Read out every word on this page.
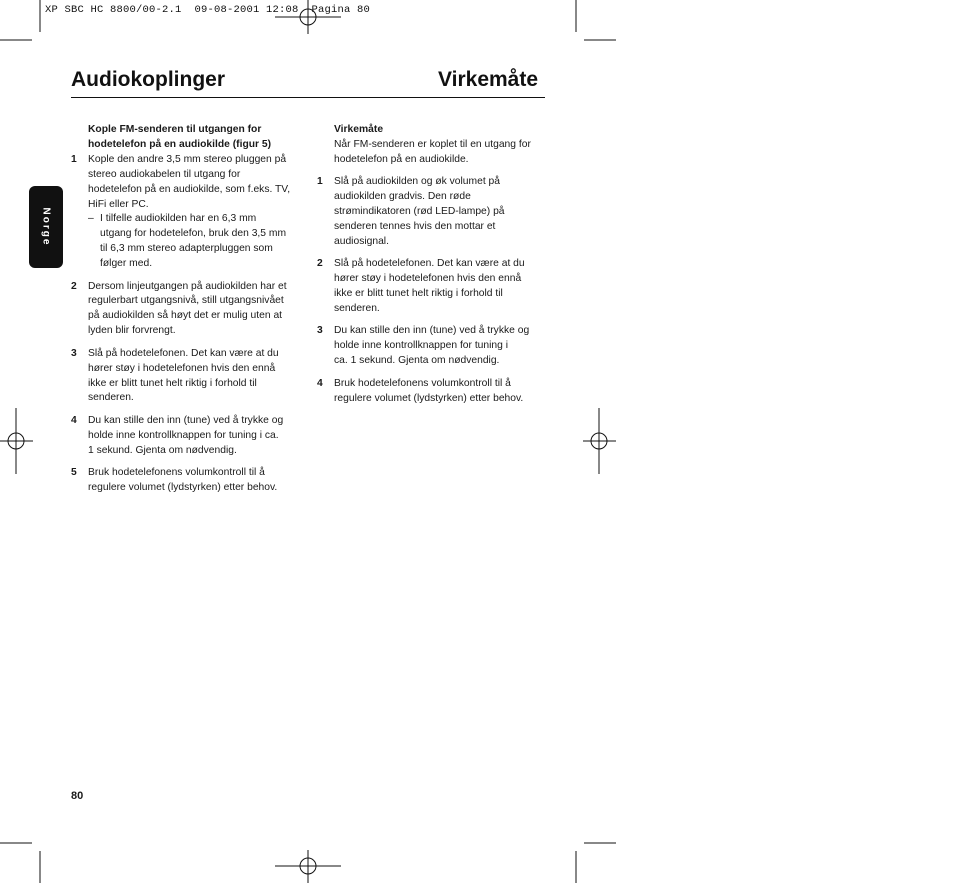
XP SBC HC 8800/00-2.1  09-08-2001 12:08  Pagina 80
Audiokoplinger	Virkemåte
Norge
Kople FM-senderen til utgangen for
hodetelefon på en audiokilde (figur 5)
1	Kople den andre 3,5 mm stereo pluggen på
stereo audiokabelen til utgang for
hodetelefon på en audiokilde, som f.eks. TV,
HiFi eller PC.
– I tilfelle audiokilden har en 6,3 mm
utgang for hodetelefon, bruk den 3,5 mm
til 6,3 mm stereo adapterpluggen som
følger med.
2	Dersom linjeutgangen på audiokilden har et
regulerbart utgangsnivå, still utgangsnivået
på audiokilden så høyt det er mulig uten at
lyden blir forvrengt.
3	Slå på hodetelefonen. Det kan være at du
hører støy i hodetelefonen hvis den ennå
ikke er blitt tunet helt riktig i forhold til
senderen.
4	Du kan stille den inn (tune) ved å trykke og
holde inne kontrollknappen for tuning i ca.
1 sekund. Gjenta om nødvendig.
5	Bruk hodetelefonens volumkontroll til å
regulere volumet (lydstyrken) etter behov.
Virkemåte
Når FM-senderen er koplet til en utgang for
hodetelefon på en audiokilde.
1	Slå på audiokilden og øk volumet på
audiokilden gradvis. Den røde
strømindikatoren (rød LED-lampe) på
senderen tennes hvis den mottar et
audiosignal.
2	Slå på hodetelefonen. Det kan være at du
hører støy i hodetelefonen hvis den ennå
ikke er blitt tunet helt riktig i forhold til
senderen.
3	Du kan stille den inn (tune) ved å trykke og
holde inne kontrollknappen for tuning i
ca. 1 sekund. Gjenta om nødvendig.
4	Bruk hodetelefonens volumkontroll til å
regulere volumet (lydstyrken) etter behov.
80
